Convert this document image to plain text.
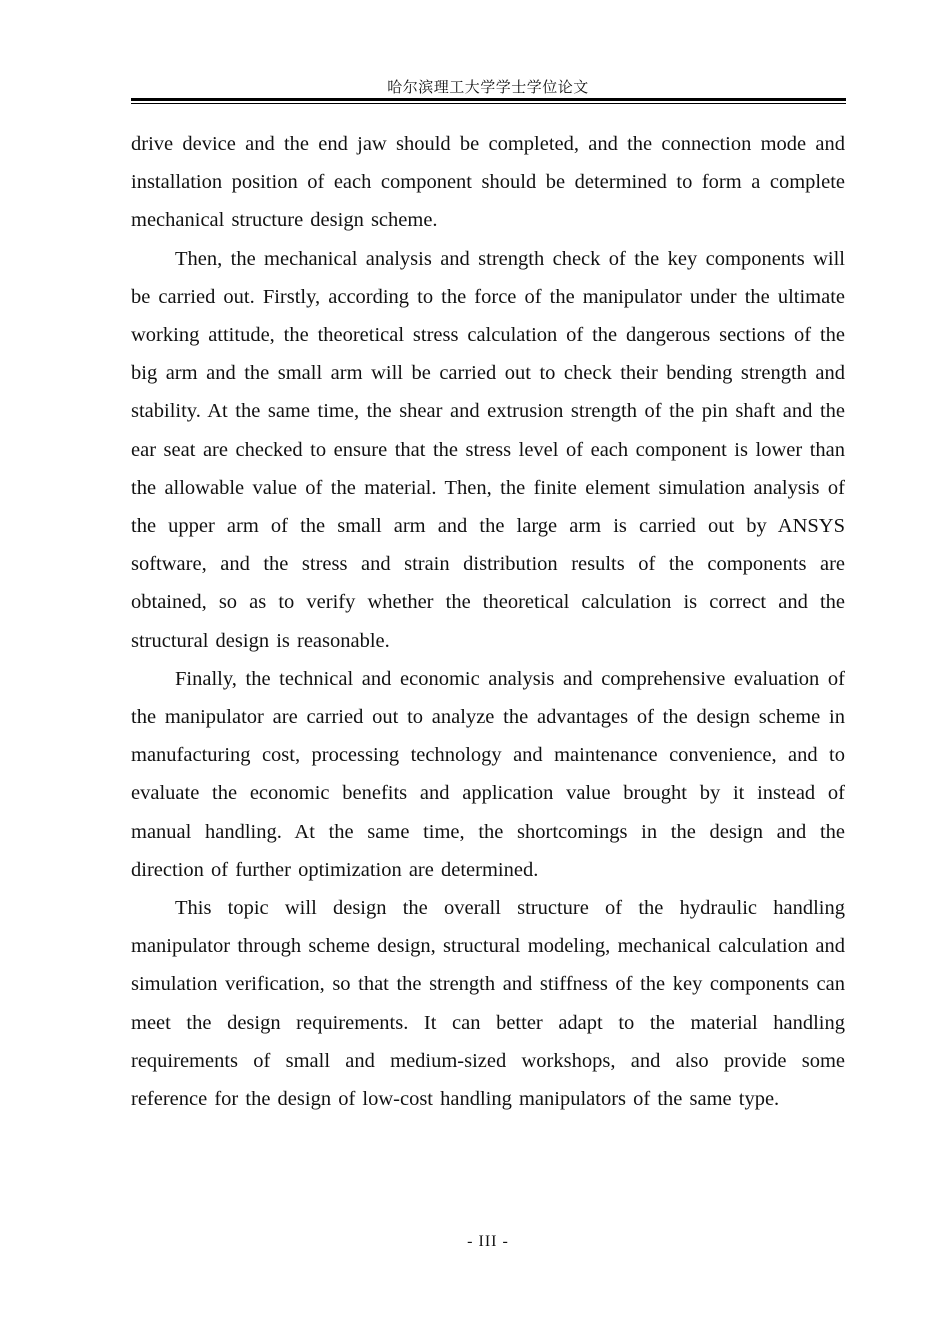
哈尔滨理工大学学士学位论文

drive device and the end jaw should be completed, and the connection mode and installation position of each component should be determined to form a complete mechanical structure design scheme.

Then, the mechanical analysis and strength check of the key components will be carried out. Firstly, according to the force of the manipulator under the ultimate working attitude, the theoretical stress calculation of the dangerous sections of the big arm and the small arm will be carried out to check their bending strength and stability. At the same time, the shear and extrusion strength of the pin shaft and the ear seat are checked to ensure that the stress level of each component is lower than the allowable value of the material. Then, the finite element simulation analysis of the upper arm of the small arm and the large arm is carried out by ANSYS software, and the stress and strain distribution results of the components are obtained, so as to verify whether the theoretical calculation is correct and the structural design is reasonable.

Finally, the technical and economic analysis and comprehensive evaluation of the manipulator are carried out to analyze the advantages of the design scheme in manufacturing cost, processing technology and maintenance convenience, and to evaluate the economic benefits and application value brought by it instead of manual handling. At the same time, the shortcomings in the design and the direction of further optimization are determined.

This topic will design the overall structure of the hydraulic handling manipulator through scheme design, structural modeling, mechanical calculation and simulation verification, so that the strength and stiffness of the key components can meet the design requirements. It can better adapt to the material handling requirements of small and medium-sized workshops, and also provide some reference for the design of low-cost handling manipulators of the same type.

- III -
